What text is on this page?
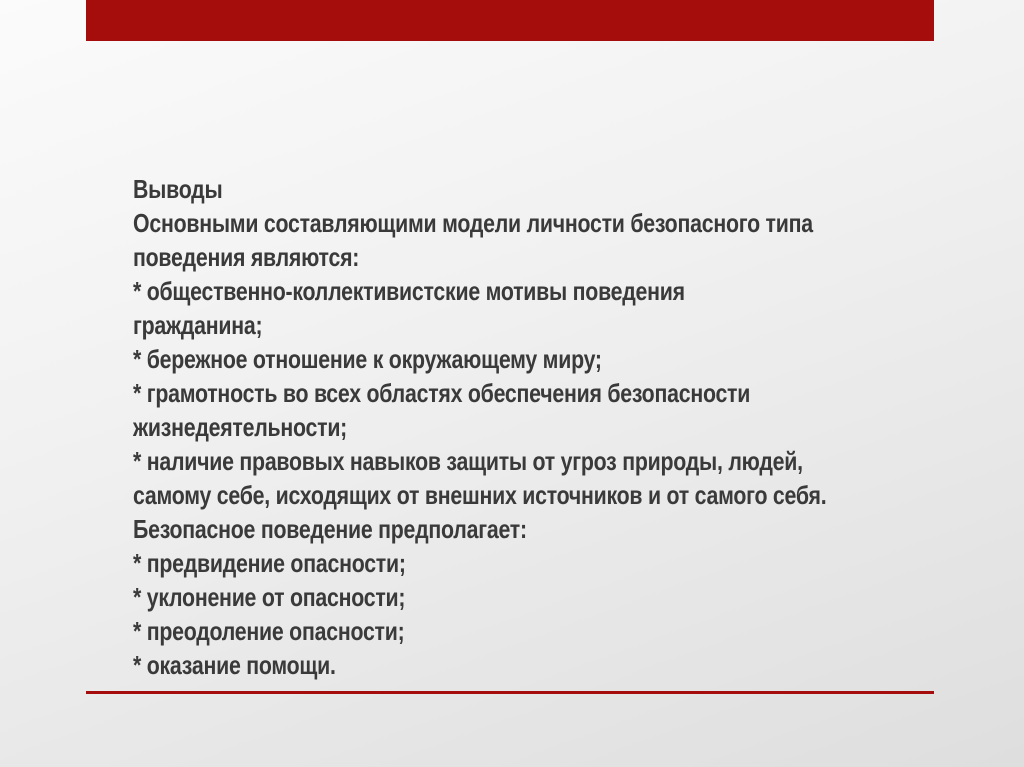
Выводы
Основными составляющими модели личности безопасного типа
поведения являются:
* общественно-коллективистские мотивы поведения
гражданина;
* бережное отношение к окружающему миру;
* грамотность во всех областях обеспечения безопасности
жизнедеятельности;
* наличие правовых навыков защиты от угроз природы, людей,
самому себе, исходящих от внешних источников и от самого себя.
Безопасное поведение предполагает:
* предвидение опасности;
* уклонение от опасности;
* преодоление опасности;
* оказание помощи.
